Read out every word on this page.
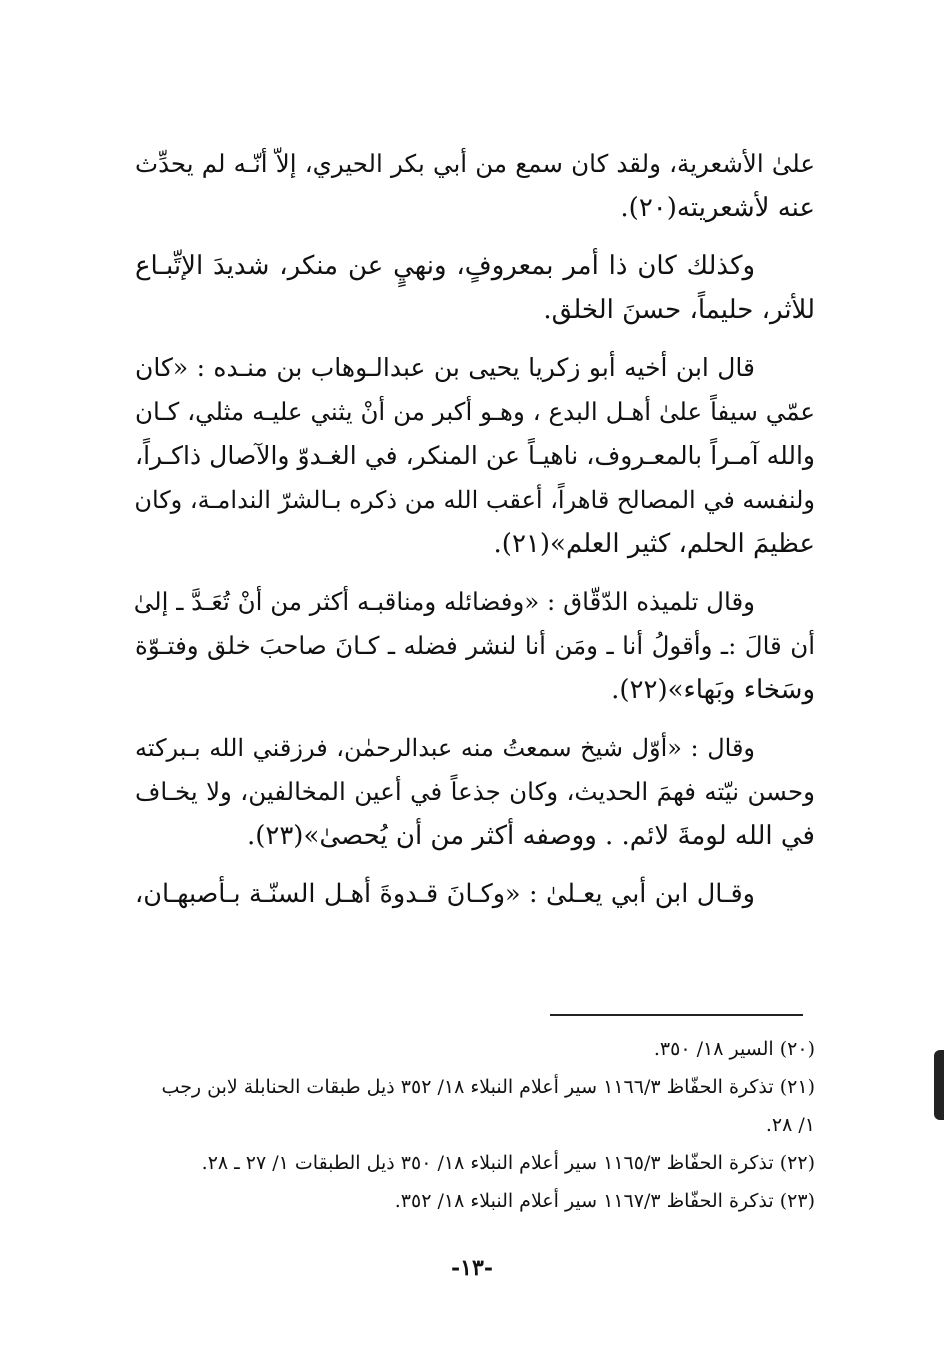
علىٰ الأشعرية، ولقد كان سمع من أبي بكر الحيري، إلاّ أنّـه لم يحدِّث
عنه لأشعريته(٢٠).
وكذلك كان ذا أمر بمعروفٍ، ونهيٍ عن منكر، شديدَ الإتِّبـاع
للأثر، حليماً، حسنَ الخلق.
قال ابن أخيه أبو زكريا يحيى بن عبدالـوهاب بن منـده : «كان
عمّي سيفاً علىٰ أهـل البدع ، وهـو أكبر من أنْ يثني عليـه مثلي، كـان
والله آمـراً بالمعـروف، ناهيـاً عن المنكر، في الغـدوّ والآصال ذاكـراً،
ولنفسه في المصالح قاهراً، أعقب الله من ذكره بـالشرّ الندامـة، وكان
عظيمَ الحلم، كثير العلم»(٢١).
وقال تلميذه الدّقّاق : «وفضائله ومناقبـه أكثر من أنْ تُعَـدَّ ـ إلىٰ
أن قالَ :ـ وأقولُ أنا ـ ومَن أنا لنشر فضله ـ كـانَ صاحبَ خلق وفتـوّة
وسَخاء وبَهاء»(٢٢).
وقال : «أوّل شيخ سمعتُ منه عبدالرحمٰن، فرزقني الله بـبركته
وحسن نيّته فهمَ الحديث، وكان جذعاً في أعين المخالفين، ولا يخـاف
في الله لومةَ لائم. . ووصفه أكثر من أن يُحصىٰ»(٢٣).
وقـال ابن أبي يعـلىٰ : «وكـانَ قـدوةَ أهـل السنّـة بـأصبهـان،
(٢٠) السير ١٨/ ٣٥٠.
(٢١) تذكرة الحفّاظ ١١٦٦/٣ سير أعلام النبلاء ١٨/ ٣٥٢ ذيل طبقات الحنابلة لابن رجب
١/ ٢٨.
(٢٢) تذكرة الحفّاظ ١١٦٥/٣ سير أعلام النبلاء ١٨/ ٣٥٠ ذيل الطبقات ١/ ٢٧ ـ ٢٨.
(٢٣) تذكرة الحفّاظ ١١٦٧/٣ سير أعلام النبلاء ١٨/ ٣٥٢.
-١٣-
